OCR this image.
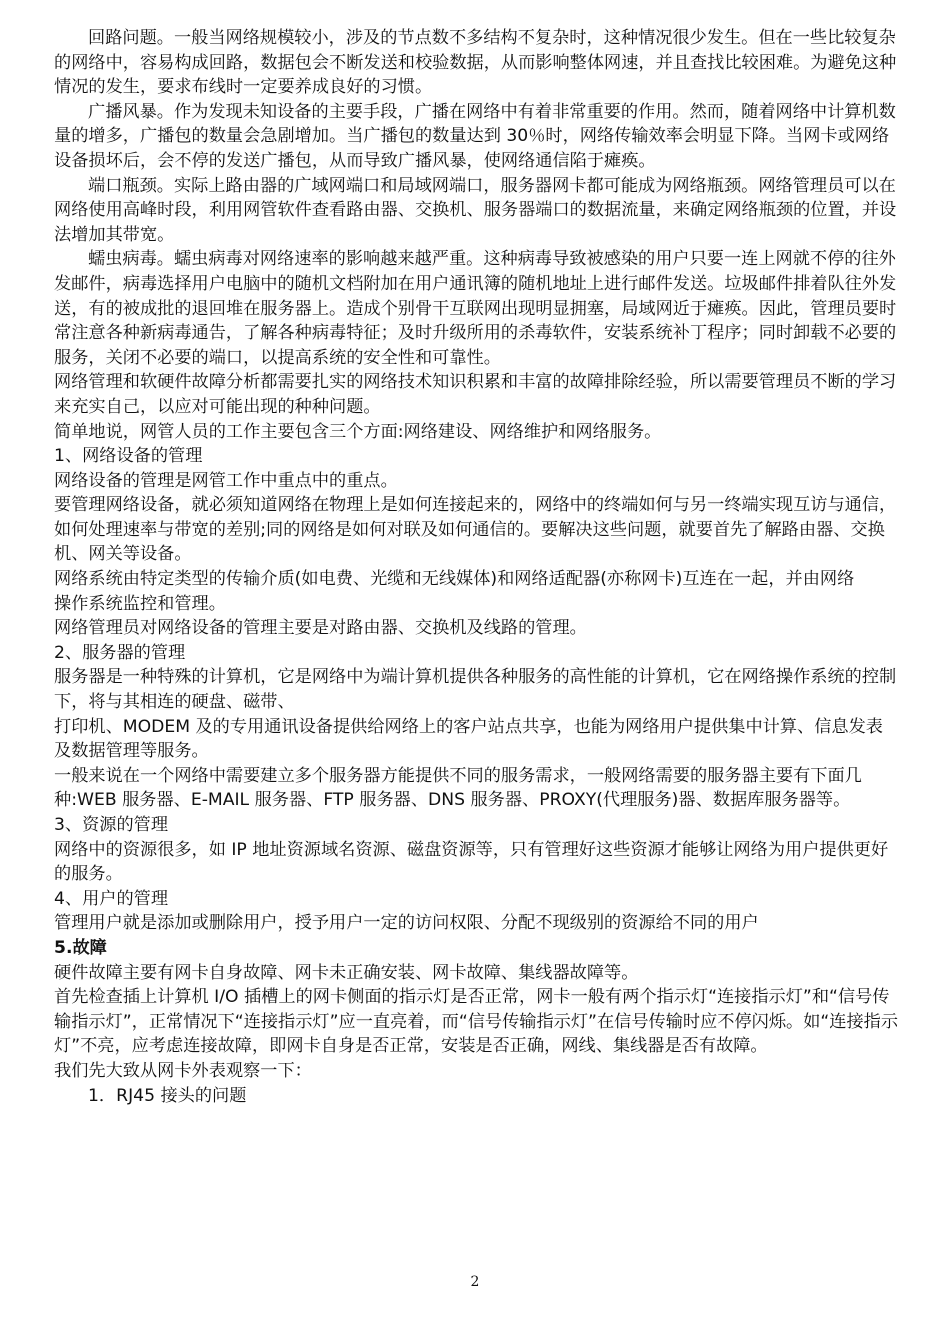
回路问题。一般当网络规模较小，涉及的节点数不多结构不复杂时，这种情况很少发生。但在一些比较复杂的网络中，容易构成回路，数据包会不断发送和校验数据，从而影响整体网速，并且查找比较困难。为避免这种情况的发生，要求布线时一定要养成良好的习惯。

广播风暴。作为发现未知设备的主要手段，广播在网络中有着非常重要的作用。然而，随着网络中计算机数量的增多，广播包的数量会急剧增加。当广播包的数量达到 30％时，网络传输效率会明显下降。当网卡或网络设备损坏后，会不停的发送广播包，从而导致广播风暴，使网络通信陷于瘫痪。

端口瓶颈。实际上路由器的广域网端口和局域网端口，服务器网卡都可能成为网络瓶颈。网络管理员可以在网络使用高峰时段，利用网管软件查看路由器、交换机、服务器端口的数据流量，来确定网络瓶颈的位置，并设法增加其带宽。

蠕虫病毒。蠕虫病毒对网络速率的影响越来越严重。这种病毒导致被感染的用户只要一连上网就不停的往外发邮件，病毒选择用户电脑中的随机文档附加在用户通讯簿的随机地址上进行邮件发送。垃圾邮件排着队往外发送，有的被成批的退回堆在服务器上。造成个别骨干互联网出现明显拥塞，局域网近于瘫痪。因此，管理员要时常注意各种新病毒通告，了解各种病毒特征；及时升级所用的杀毒软件，安装系统补丁程序；同时卸载不必要的服务，关闭不必要的端口，以提高系统的安全性和可靠性。

网络管理和软硬件故障分析都需要扎实的网络技术知识积累和丰富的故障排除经验，所以需要管理员不断的学习来充实自己，以应对可能出现的种种问题。

简单地说，网管人员的工作主要包含三个方面:网络建设、网络维护和网络服务。

1、网络设备的管理

网络设备的管理是网管工作中重点中的重点。

要管理网络设备，就必须知道网络在物理上是如何连接起来的，网络中的终端如何与另一终端实现互访与通信，如何处理速率与带宽的差别;同的网络是如何对联及如何通信的。要解决这些问题，就要首先了解路由器、交换机、网关等设备。

网络系统由特定类型的传输介质(如电费、光缆和无线媒体)和网络适配器(亦称网卡)互连在一起，并由网络

操作系统监控和管理。

网络管理员对网络设备的管理主要是对路由器、交换机及线路的管理。

2、服务器的管理

服务器是一种特殊的计算机，它是网络中为端计算机提供各种服务的高性能的计算机，它在网络操作系统的控制下，将与其相连的硬盘、磁带、

打印机、MODEM 及的专用通讯设备提供给网络上的客户站点共享，也能为网络用户提供集中计算、信息发表及数据管理等服务。

一般来说在一个网络中需要建立多个服务器方能提供不同的服务需求，一般网络需要的服务器主要有下面几种:WEB 服务器、E-MAIL 服务器、FTP 服务器、DNS 服务器、PROXY(代理服务)器、数据库服务器等。

3、资源的管理

网络中的资源很多，如 IP 地址资源域名资源、磁盘资源等，只有管理好这些资源才能够让网络为用户提供更好的服务。

4、用户的管理

管理用户就是添加或删除用户，授予用户一定的访问权限、分配不现级别的资源给不同的用户

5.故障

硬件故障主要有网卡自身故障、网卡未正确安装、网卡故障、集线器故障等。

首先检查插上计算机 I/O 插槽上的网卡侧面的指示灯是否正常，网卡一般有两个指示灯“连接指示灯”和“信号传输指示灯”，正常情况下“连接指示灯”应一直亮着，而“信号传输指示灯”在信号传输时应不停闪烁。如“连接指示灯”不亮，应考虑连接故障，即网卡自身是否正常，安装是否正确，网线、集线器是否有故障。

我们先大致从网卡外表观察一下：

1．RJ45 接头的问题

2
